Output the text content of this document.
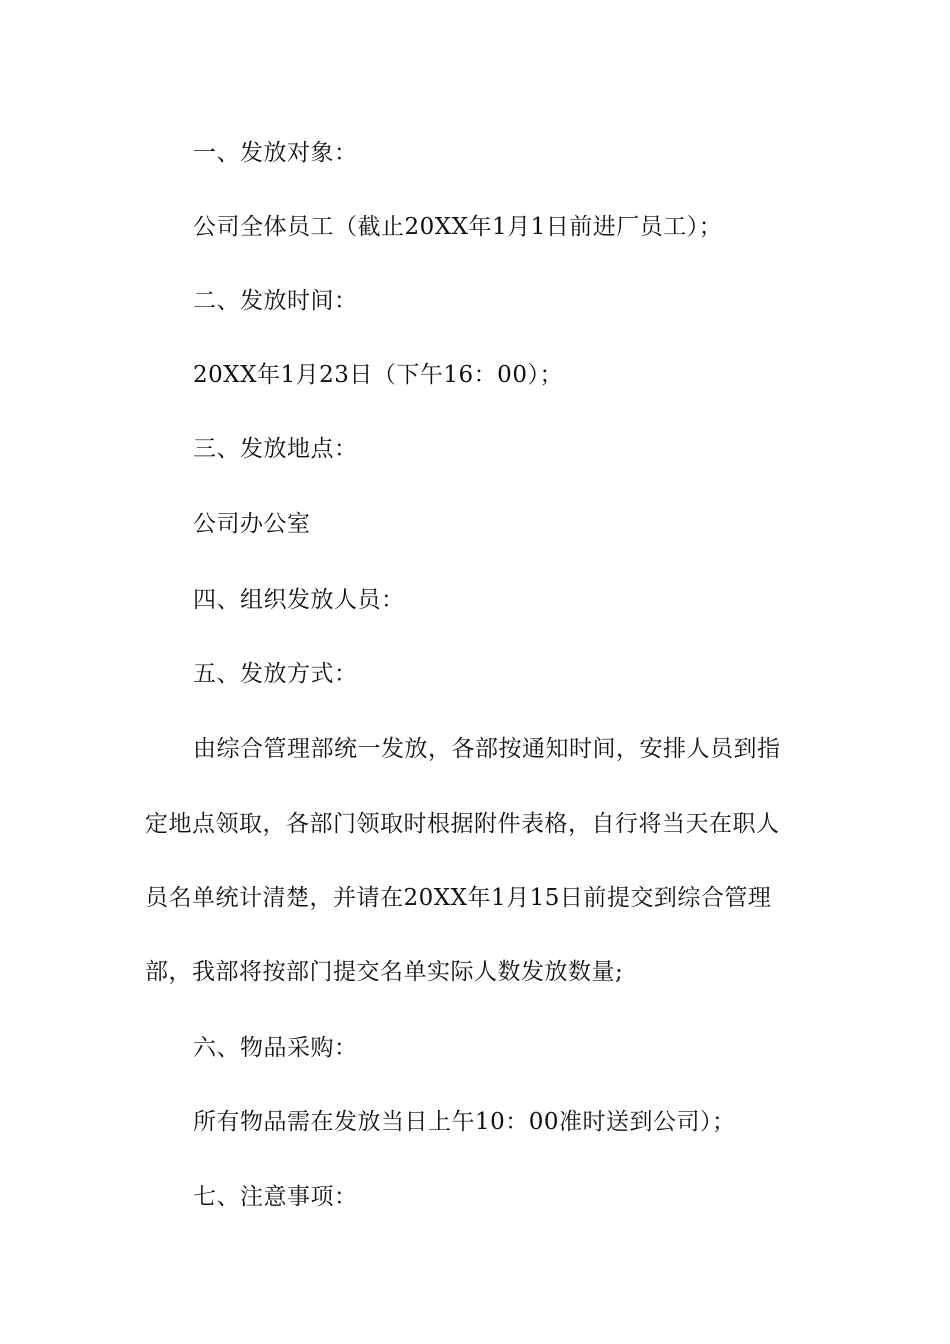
一、发放对象：
公司全体员工（截止20XX年1月1日前进厂员工）；
二、发放时间：
20XX年1月23日（下午16：00）；
三、发放地点：
公司办公室
四、组织发放人员：
五、发放方式：
由综合管理部统一发放，各部按通知时间，安排人员到指
定地点领取，各部门领取时根据附件表格，自行将当天在职人
员名单统计清楚，并请在20XX年1月15日前提交到综合管理
部，我部将按部门提交名单实际人数发放数量;
六、物品采购：
所有物品需在发放当日上午10：00准时送到公司）；
七、注意事项：
